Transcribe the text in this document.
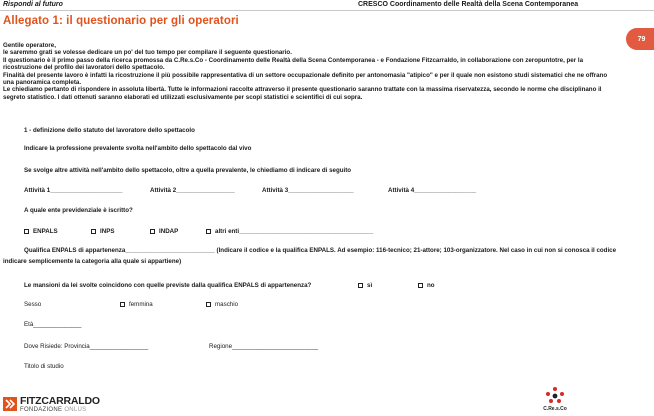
Rispondi al futuro	CRESCO Coordinamento delle Realtà della Scena Contemporanea
Allegato 1: il questionario per gli operatori
79

Gentile operatore,

le saremmo grati se volesse dedicare un po' del tuo tempo per compilare il seguente questionario.

Il questionario è il primo passo della ricerca promossa da C.Re.s.Co - Coordinamento delle Realtà della Scena Contemporanea - e Fondazione Fitzcarraldo, in collaborazione con zeropuntotre, per la ricostruzione del profilo dei lavoratori dello spettacolo.

Finalità del presente lavoro è infatti la ricostruzione il più possibile rappresentativa di un settore occupazionale definito per antonomasia "atipico" e per il quale non esistono studi sistematici che ne offrano una panoramica completa.

Le chiediamo pertanto di rispondere in assoluta libertà. Tutte le informazioni raccolte attraverso il presente questionario saranno trattate con la massima riservatezza, secondo le norme che disciplinano il segreto statistico. I dati ottenuti saranno elaborati ed utilizzati esclusivamente per scopi statistici e scientifici di cui sopra.

1 - definizione dello statuto del lavoratore dello spettacolo
Indicare la professione prevalente svolta nell'ambito dello spettacolo dal vivo
Se svolge altre attività nell'ambito dello spettacolo, oltre a quella prevalente, le chiediamo di indicare di seguito
Attività 1_____________________	Attività 2_________________	Attività 3___________________	Attività 4__________________
A quale ente previdenziale è iscritto?
ENPALS	INPS	INDAP	altri enti_______________________________________
Qualifica ENPALS di appartenenza__________________________ (Indicare il codice e la qualifica ENPALS. Ad esempio: 116-tecnico; 21-attore; 103-organizzatore. Nel caso in cui non si conosca il codice indicare semplicemente la categoria alla quale si appartiene)
Le mansioni da lei svolte coincidono con quelle previste dalla qualifica ENPALS di appartenenza?	sì	no
Sesso	femmina	maschio
Età______________
Dove Risiede: Provincia_________________	Regione_________________________
Titolo di studio
FITZCARRALDO
FONDAZIONE ONLUS	C.Re.s.Co
